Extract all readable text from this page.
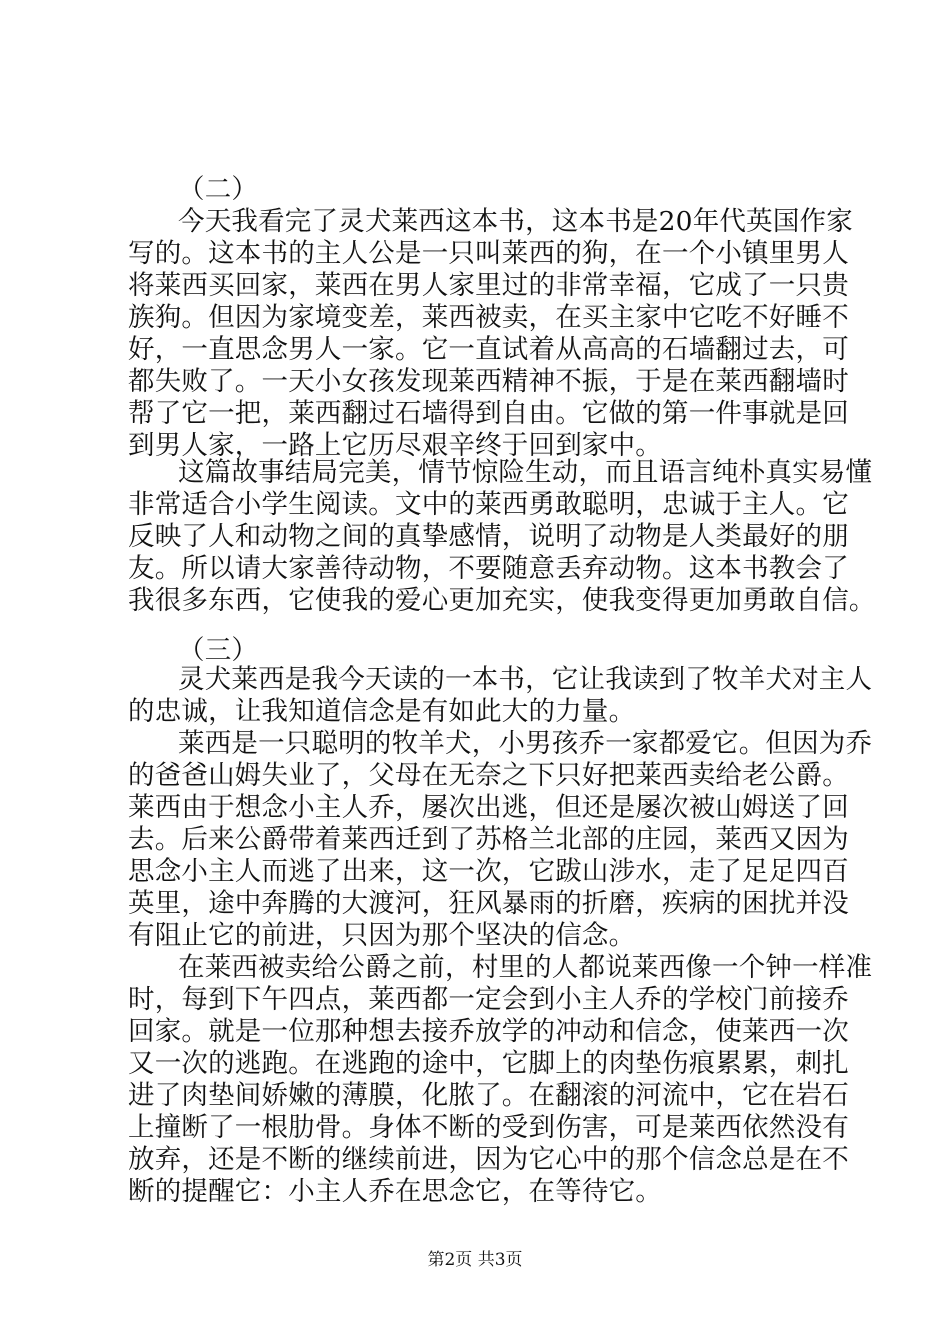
（二）
今天我看完了灵犬莱西这本书，这本书是20年代英国作家
写的。这本书的主人公是一只叫莱西的狗，在一个小镇里男人
将莱西买回家，莱西在男人家里过的非常幸福，它成了一只贵
族狗。但因为家境变差，莱西被卖，在买主家中它吃不好睡不
好，一直思念男人一家。它一直试着从高高的石墙翻过去，可
都失败了。一天小女孩发现莱西精神不振，于是在莱西翻墙时
帮了它一把，莱西翻过石墙得到自由。它做的第一件事就是回
到男人家，一路上它历尽艰辛终于回到家中。
这篇故事结局完美，情节惊险生动，而且语言纯朴真实易懂
非常适合小学生阅读。文中的莱西勇敢聪明，忠诚于主人。它
反映了人和动物之间的真挚感情，说明了动物是人类最好的朋
友。所以请大家善待动物，不要随意丢弃动物。这本书教会了
我很多东西，它使我的爱心更加充实，使我变得更加勇敢自信。
（三）
灵犬莱西是我今天读的一本书，它让我读到了牧羊犬对主人
的忠诚，让我知道信念是有如此大的力量。
莱西是一只聪明的牧羊犬，小男孩乔一家都爱它。但因为乔
的爸爸山姆失业了，父母在无奈之下只好把莱西卖给老公爵。
莱西由于想念小主人乔，屡次出逃，但还是屡次被山姆送了回
去。后来公爵带着莱西迁到了苏格兰北部的庄园，莱西又因为
思念小主人而逃了出来，这一次，它跋山涉水，走了足足四百
英里，途中奔腾的大渡河，狂风暴雨的折磨，疾病的困扰并没
有阻止它的前进，只因为那个坚决的信念。
在莱西被卖给公爵之前，村里的人都说莱西像一个钟一样准
时，每到下午四点，莱西都一定会到小主人乔的学校门前接乔
回家。就是一位那种想去接乔放学的冲动和信念，使莱西一次
又一次的逃跑。在逃跑的途中，它脚上的肉垫伤痕累累，刺扎
进了肉垫间娇嫩的薄膜，化脓了。在翻滚的河流中，它在岩石
上撞断了一根肋骨。身体不断的受到伤害，可是莱西依然没有
放弃，还是不断的继续前进，因为它心中的那个信念总是在不
断的提醒它：小主人乔在思念它，在等待它。
第2页 共3页
